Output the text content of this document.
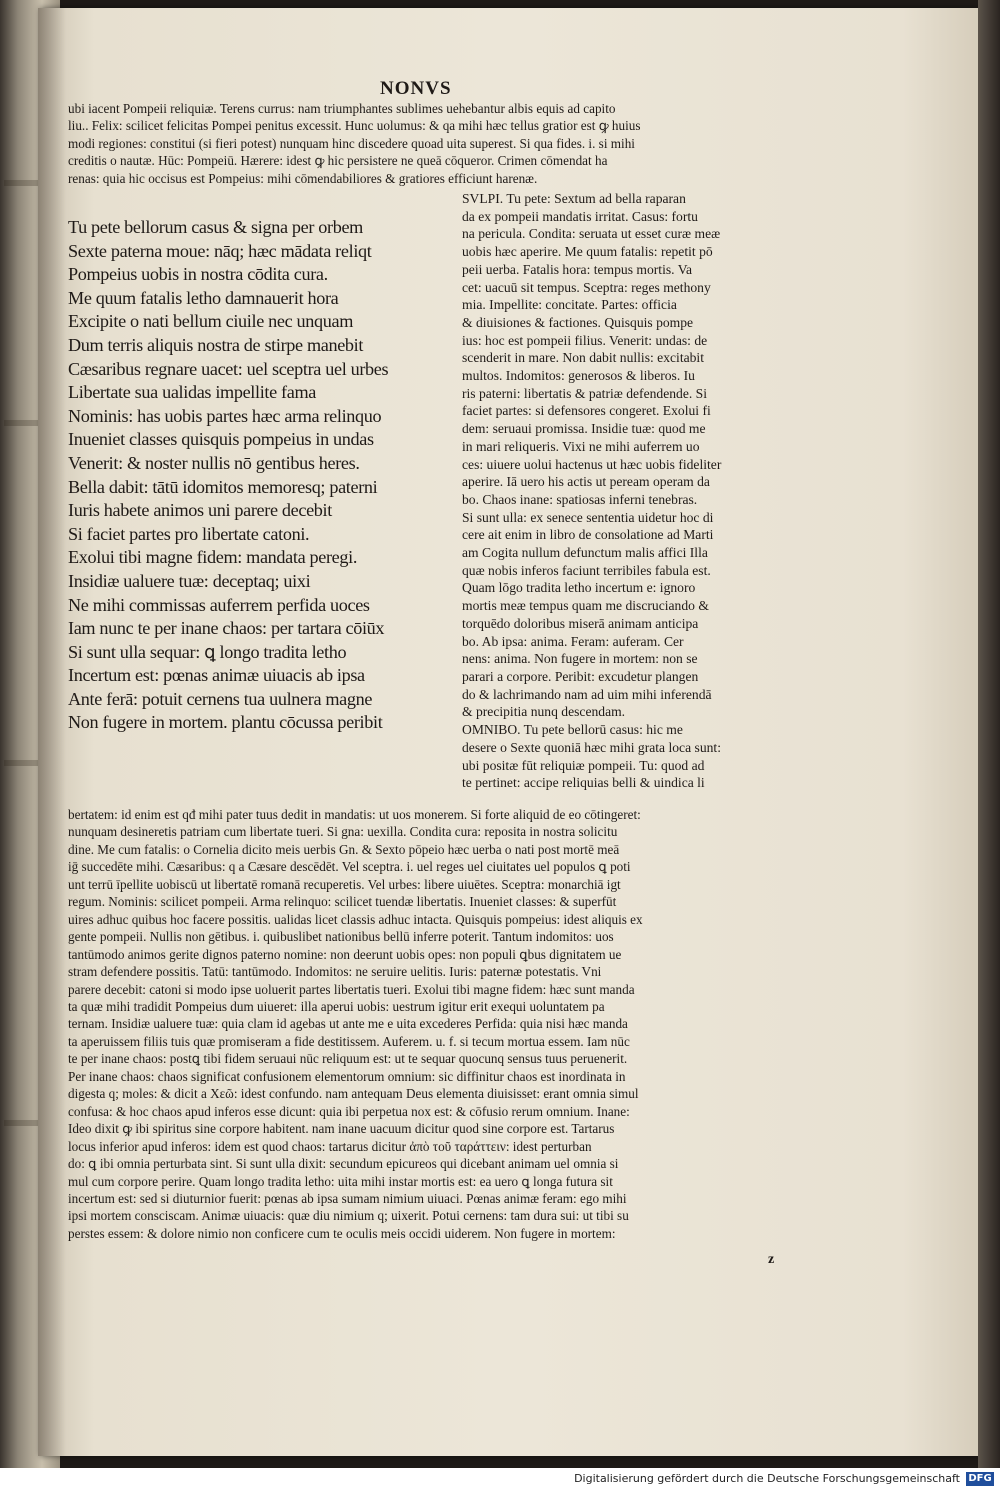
NONVS
ubi iacent Pompeii reliquiæ. Terens currus: nam triumphantes sublimes uehebantur albis equis ad capito
liu.. Felix: scilicet felicitas Pompei penitus excessit. Hunc uolumus: & qa mihi hæc tellus gratior est ꝙ huius
modi regiones: constitui (si fieri potest) nunquam hinc discedere quoad uita superest. Si qua fides. i. si mihi
creditis o nautæ. Hūc: Pompeiū. Hærere: idest ꝙ hic persistere ne queā cōqueror. Crimen cōmendat ha
renas: quia hic occisus est Pompeius: mihi cōmendabiliores & gratiores efficiunt harenæ.
Tu pete bellorum casus & signa per orbem
Sexte paterna moue: nāq; hæc mādata reliqt
Pompeius uobis in nostra cōdita cura.
Me quum fatalis letho damnauerit hora
Excipite o nati bellum ciuile nec unquam
Dum terris aliquis nostra de stirpe manebit
Cæsaribus regnare uacet: uel sceptra uel urbes
Libertate sua ualidas impellite fama
Nominis: has uobis partes hæc arma relinquo
Inueniet classes quisquis pompeius in undas
Venerit: & noster nullis nō gentibus heres.
Bella dabit: tātū idomitos memoresq; paterni
Iuris habete animos uni parere decebit
Si faciet partes pro libertate catoni.
Exolui tibi magne fidem: mandata peregi.
Insidiæ ualuere tuæ: deceptaq; uixi
Ne mihi commissas auferrem perfida uoces
Iam nunc te per inane chaos: per tartara cōiūx
Si sunt ulla sequar: ꝗ longo tradita letho
Incertum est: pœnas animæ uiuacis ab ipsa
Ante ferā: potuit cernens tua uulnera magne
Non fugere in mortem. plantu cōcussa peribit
SVLPI. Tu pete: Sextum ad bella raparan
da ex pompeii mandatis irritat. Casus: fortu
na pericula. Condita: seruata ut esset curæ meæ
uobis hæc aperire. Me quum fatalis: repetit pō
peii uerba. Fatalis hora: tempus mortis. Va
cet: uacuū sit tempus. Sceptra: reges methony
mia. Impellite: concitate. Partes: officia
& diuisiones & factiones. Quisquis pompe
ius: hoc est pompeii filius. Venerit: undas: de
scenderit in mare. Non dabit nullis: excitabit
multos. Indomitos: generosos & liberos. Iu
ris paterni: libertatis & patriæ defendende. Si
faciet partes: si defensores congeret. Exolui fi
dem: seruaui promissa. Insidie tuæ: quod me
in mari reliqueris. Vixi ne mihi auferrem uo
ces: uiuere uolui hactenus ut hæc uobis fideliter
aperire. Iā uero his actis ut peream operam da
bo. Chaos inane: spatiosas inferni tenebras.
Si sunt ulla: ex senece sententia uidetur hoc di
cere ait enim in libro de consolatione ad Marti
am Cogita nullum defunctum malis affici Illa
quæ nobis inferos faciunt terribiles fabula est.
Quam lōgo tradita letho incertum e: ignoro
mortis meæ tempus quam me discruciando &
torquēdo doloribus miserā animam anticipa
bo. Ab ipsa: anima. Feram: auferam. Cer
nens: anima. Non fugere in mortem: non se
parari a corpore. Peribit: excudetur plangen
do & lachrimando nam ad uim mihi inferendā
& precipitia nunq descendam.
OMNIBO. Tu pete bellorū casus: hic me
desere o Sexte quoniā hæc mihi grata loca sunt:
ubi positæ fūt reliquiæ pompeii. Tu: quod ad
te pertinet: accipe reliquias belli & uindica li
bertatem: id enim est qđ mihi pater tuus dedit in mandatis: ut uos monerem. Si forte aliquid de eo cōtingeret:
nunquam desineretis patriam cum libertate tueri. Si gna: uexilla. Condita cura: reposita in nostra solicitu
dine. Me cum fatalis: o Cornelia dicito meis uerbis Gn. & Sexto pōpeio hæc uerba o nati post mortē meā
iḡ succedēte mihi. Cæsaribus: q a Cæsare descēdēt. Vel sceptra. i. uel reges uel ciuitates uel populos ꝗ poti
unt terrū īpellite uobiscū ut libertatē romanā recuperetis. Vel urbes: libere uiuētes. Sceptra: monarchiā igt
regum. Nominis: scilicet pompeii. Arma relinquo: scilicet tuendæ libertatis. Inueniet classes: & superfūt
uires adhuc quibus hoc facere possitis. ualidas licet classis adhuc intacta. Quisquis pompeius: idest aliquis ex
gente pompeii. Nullis non gētibus. i. quibuslibet nationibus bellū inferre poterit. Tantum indomitos: uos
tantūmodo animos gerite dignos paterno nomine: non deerunt uobis opes: non populi ꝗbus dignitatem ue
stram defendere possitis. Tatū: tantūmodo. Indomitos: ne seruire uelitis. Iuris: paternæ potestatis. Vni
parere decebit: catoni si modo ipse uoluerit partes libertatis tueri. Exolui tibi magne fidem: hæc sunt manda
ta quæ mihi tradidit Pompeius dum uiueret: illa aperui uobis: uestrum igitur erit exequi uoluntatem pa
ternam. Insidiæ ualuere tuæ: quia clam id agebas ut ante me e uita excederes Perfida: quia nisi hæc manda
ta aperuissem filiis tuis quæ promiseram a fide destitissem. Auferem. u. f. si tecum mortua essem. Iam nūc
te per inane chaos: postꝗ tibi fidem seruaui nūc reliquum est: ut te sequar quocunq sensus tuus peruenerit.
Per inane chaos: chaos significat confusionem elementorum omnium: sic diffinitur chaos est inordinata in
digesta q; moles: & dicit a Χεῶ: idest confundo. nam antequam Deus elementa diuisisset: erant omnia simul
confusa: & hoc chaos apud inferos esse dicunt: quia ibi perpetua nox est: & cōfusio rerum omnium. Inane:
Ideo dixit ꝙ ibi spiritus sine corpore habitent. nam inane uacuum dicitur quod sine corpore est. Tartarus
locus inferior apud inferos: idem est quod chaos: tartarus dicitur ἀπὸ τοῦ ταράττειν: idest perturban
do: ꝗ ibi omnia perturbata sint. Si sunt ulla dixit: secundum epicureos qui dicebant animam uel omnia si
mul cum corpore perire. Quam longo tradita letho: uita mihi instar mortis est: ea uero ꝗ longa futura sit
incertum est: sed si diuturnior fuerit: pœnas ab ipsa sumam nimium uiuaci. Pœnas animæ feram: ego mihi
ipsi mortem consciscam. Animæ uiuacis: quæ diu nimium q; uixerit. Potui cernens: tam dura sui: ut tibi su
perstes essem: & dolore nimio non conficere cum te oculis meis occidi uiderem. Non fugere in mortem:
z
Digitalisierung gefördert durch die Deutsche Forschungsgemeinschaft DFG
